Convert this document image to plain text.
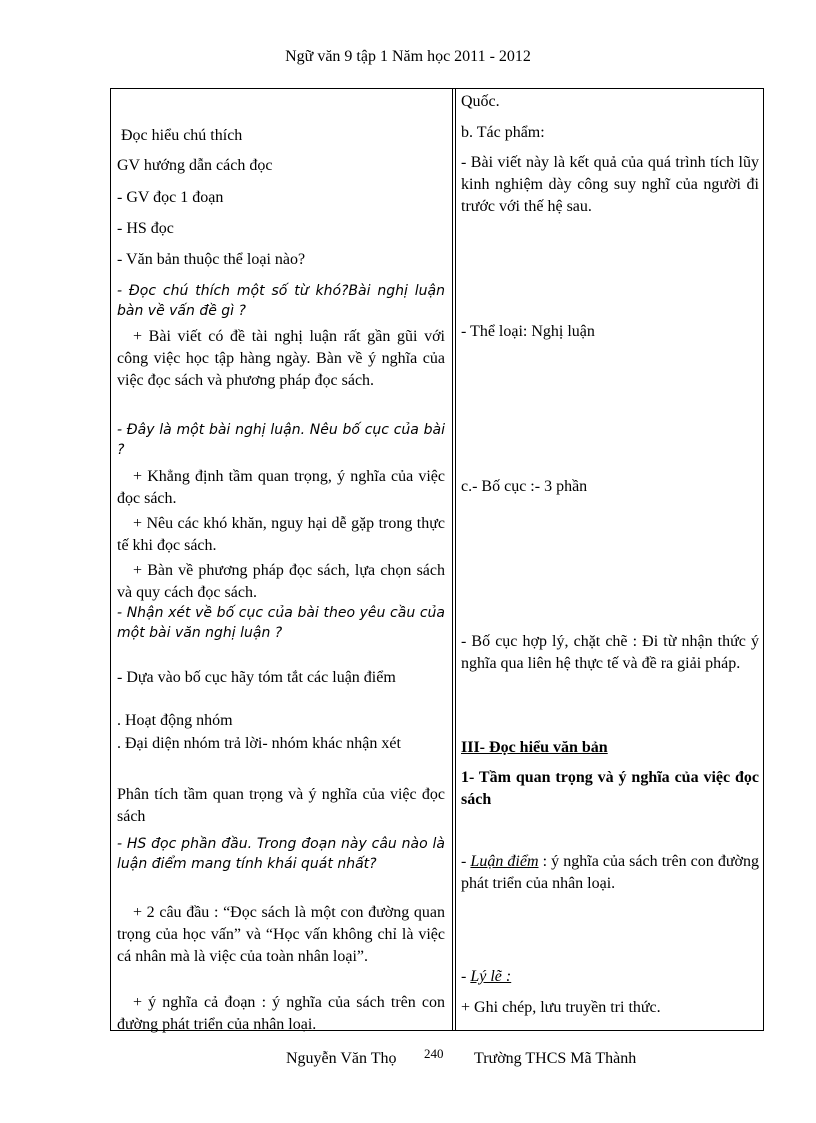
Ngữ văn 9 tập 1 Năm học 2011 - 2012
Đọc hiểu chú thích
GV hướng dẫn cách đọc
- GV đọc 1 đoạn
- HS đọc
- Văn bản thuộc thể loại nào?
- Đọc chú thích một số từ khó?Bài nghị luận bàn về vấn đề gì ?
+ Bài viết có đề tài nghị luận rất gần gũi với công việc học tập hàng ngày. Bàn về ý nghĩa của việc đọc sách và phương pháp đọc sách.
- Đây là một bài nghị luận. Nêu bố cục của bài ?
+ Khẳng định tầm quan trọng, ý nghĩa của việc đọc sách.
+ Nêu các khó khăn, nguy hại dễ gặp trong thực tế khi đọc sách.
+ Bàn về phương pháp đọc sách, lựa chọn sách và quy cách đọc sách.
- Nhận xét về bố cục của bài theo yêu cầu của một bài văn nghị luận ?
- Dựa vào bố cục hãy tóm tắt các luận điểm
. Hoạt động nhóm
. Đại diện nhóm trả lời- nhóm khác nhận xét
Phân tích tầm quan trọng và ý nghĩa của việc đọc sách
- HS đọc phần đầu. Trong đoạn này câu nào là luận điểm mang tính khái quát nhất?
+ 2 câu đầu : “Đọc sách là một con đường quan trọng của học vấn” và “Học vấn không chỉ là việc cá nhân mà là việc của toàn nhân loại”.
+ ý nghĩa cả đoạn : ý nghĩa của sách trên con đường phát triển của nhân loại.
Quốc.
b. Tác phẩm:
- Bài viết này là kết quả của quá trình tích lũy kinh nghiệm dày công suy nghĩ của người đi trước với thế hệ sau.
- Thể loại: Nghị luận
c.- Bố cục :- 3 phần
- Bố cục hợp lý, chặt chẽ : Đi từ nhận thức ý nghĩa qua liên hệ thực tế và đề ra giải pháp.
III- Đọc hiểu văn bản
1- Tầm quan trọng và ý nghĩa của việc đọc sách
- Luận điểm : ý nghĩa của sách trên con đường phát triển của nhân loại.
- Lý lẽ :
+ Ghi chép, lưu truyền tri thức.
Nguyễn Văn Thọ 240 Trường THCS Mã Thành
